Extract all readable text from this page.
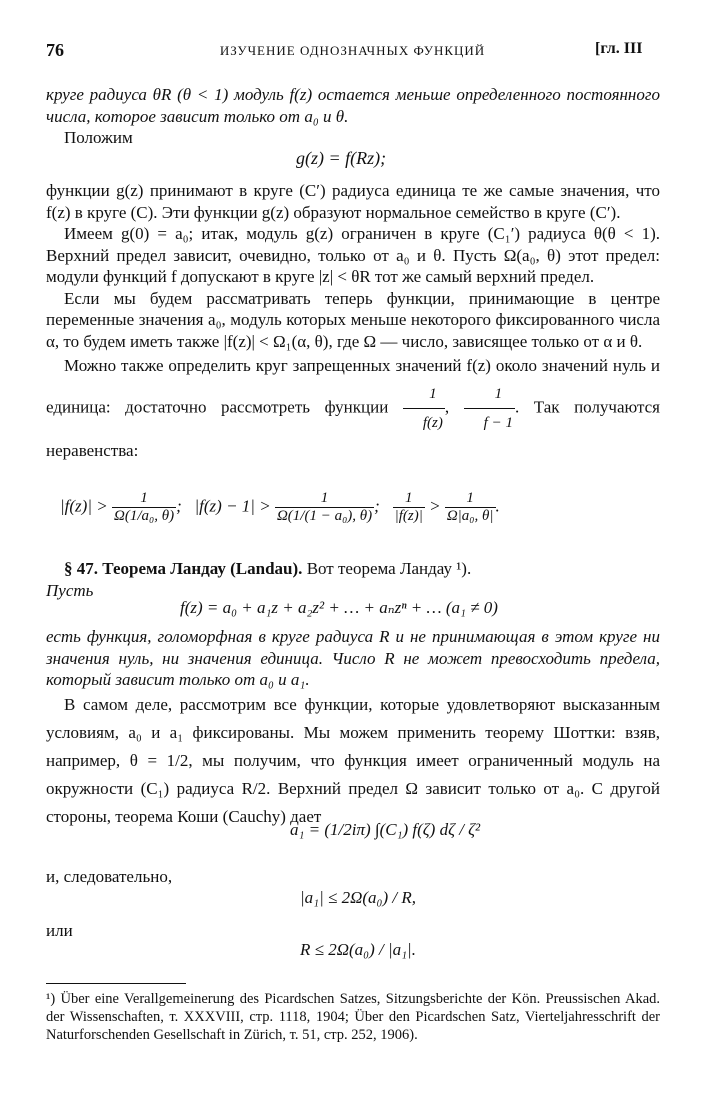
76	ИЗУЧЕНИЕ ОДНОЗНАЧНЫХ ФУНКЦИЙ	[гл. III

круге радиуса θR (θ < 1) модуль f(z) остается меньше определенного постоянного числа, которое зависит только от a₀ и θ.

Положим

g(z) = f(Rz);

функции g(z) принимают в круге (C′) радиуса единица те же самые значения, что f(z) в круге (C). Эти функции g(z) образуют нормальное семейство в круге (C′).

Имеем g(0) = a₀; итак, модуль g(z) ограничен в круге (C₁′) радиуса θ(θ < 1). Верхний предел зависит, очевидно, только от a₀ и θ. Пусть Ω(a₀, θ) этот предел: модули функций f допускают в круге |z| < θR тот же самый верхний предел.

Если мы будем рассматривать теперь функции, принимающие в центре переменные значения a₀, модуль которых меньше некоторого фиксированного числа α, то будем иметь также |f(z)| < Ω₁(α, θ), где Ω — число, зависящее только от α и θ.

Можно также определить круг запрещенных значений f(z) около значений нуль и единица: достаточно рассмотреть функции $\frac{1}{f(z)}$ , $\frac{1}{f - 1}$ . Так получаются неравенства:

$|f(z)| > \frac{1}{\text{Ω(1/a₀, θ)}}$ ;   $|f(z) - 1| > \frac{1}{\text{Ω(1/(1 − a₀), θ)}}$ ; $\frac{1}{|f(z)|} > \frac{1}{\text{Ω|a₀, θ|}}$ .

§ 47. Теорема Ландау (Landau). Вот теорема Ландау ¹).

Пусть

f(z) = a₀ + a₁z + a₂z² + … + aₙzⁿ + … (a₁ ≠ 0)

есть функция, голоморфная в круге радиуса R и не принимающая в этом круге ни значения нуль, ни значения единица. Число R не может превосходить предела, который зависит только от a₀ и a₁.

В самом деле, рассмотрим все функции, которые удовлетворяют высказанным условиям, a₀ и a₁ фиксированы. Мы можем применить теорему Шоттки: взяв, например, θ = 1/2, мы получим, что функция имеет ограниченный модуль на окружности (C₁) радиуса R/2. Верхний предел Ω зависит только от a₀. С другой стороны, теорема Коши (Cauchy) дает

a₁ = (1/2iπ) ∫(C₁) f(ζ) dζ / ζ²
и, следовательно,
|a₁| ≤ 2Ω(a₀) / R,
или
R ≤ 2Ω(a₀) / |a₁|.
¹) Über eine Verallgemeinerung des Picardschen Satzes, Sitzungsberichte der Kön. Preussischen Akad. der Wissenschaften, т. XXXVIII, стр. 1118, 1904; Über den Picardschen Satz, Vierteljahresschrift der Naturforschenden Gesellschaft in Zürich, т. 51, стр. 252, 1906).
